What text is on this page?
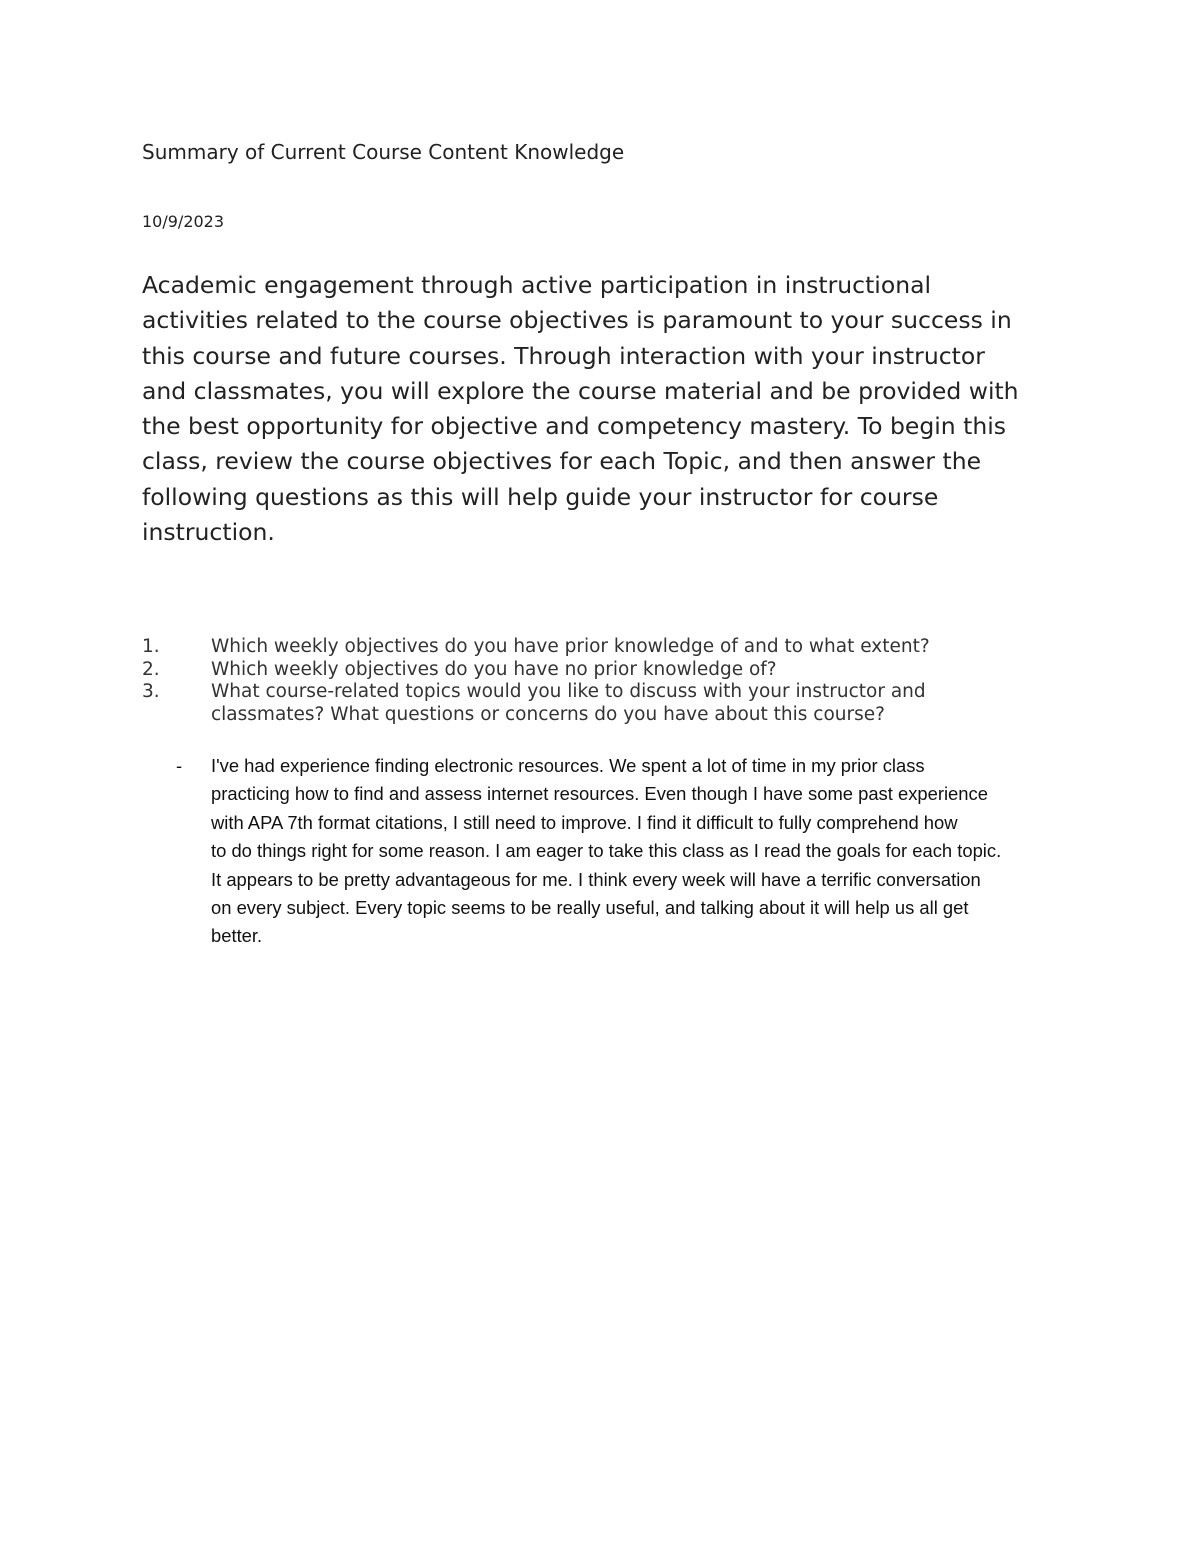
Summary of Current Course Content Knowledge

10/9/2023

Academic engagement through active participation in instructional
activities related to the course objectives is paramount to your success in
this course and future courses. Through interaction with your instructor
and classmates, you will explore the course material and be provided with
the best opportunity for objective and competency mastery. To begin this
class, review the course objectives for each Topic, and then answer the
following questions as this will help guide your instructor for course
instruction.

1.	Which weekly objectives do you have prior knowledge of and to what extent?
2.	Which weekly objectives do you have no prior knowledge of?
3.	What course-related topics would you like to discuss with your instructor and
classmates? What questions or concerns do you have about this course?
- I've had experience finding electronic resources. We spent a lot of time in my prior class
practicing how to find and assess internet resources. Even though I have some past experience
with APA 7th format citations, I still need to improve. I find it difficult to fully comprehend how
to do things right for some reason. I am eager to take this class as I read the goals for each topic.
It appears to be pretty advantageous for me. I think every week will have a terrific conversation
on every subject. Every topic seems to be really useful, and talking about it will help us all get
better.
